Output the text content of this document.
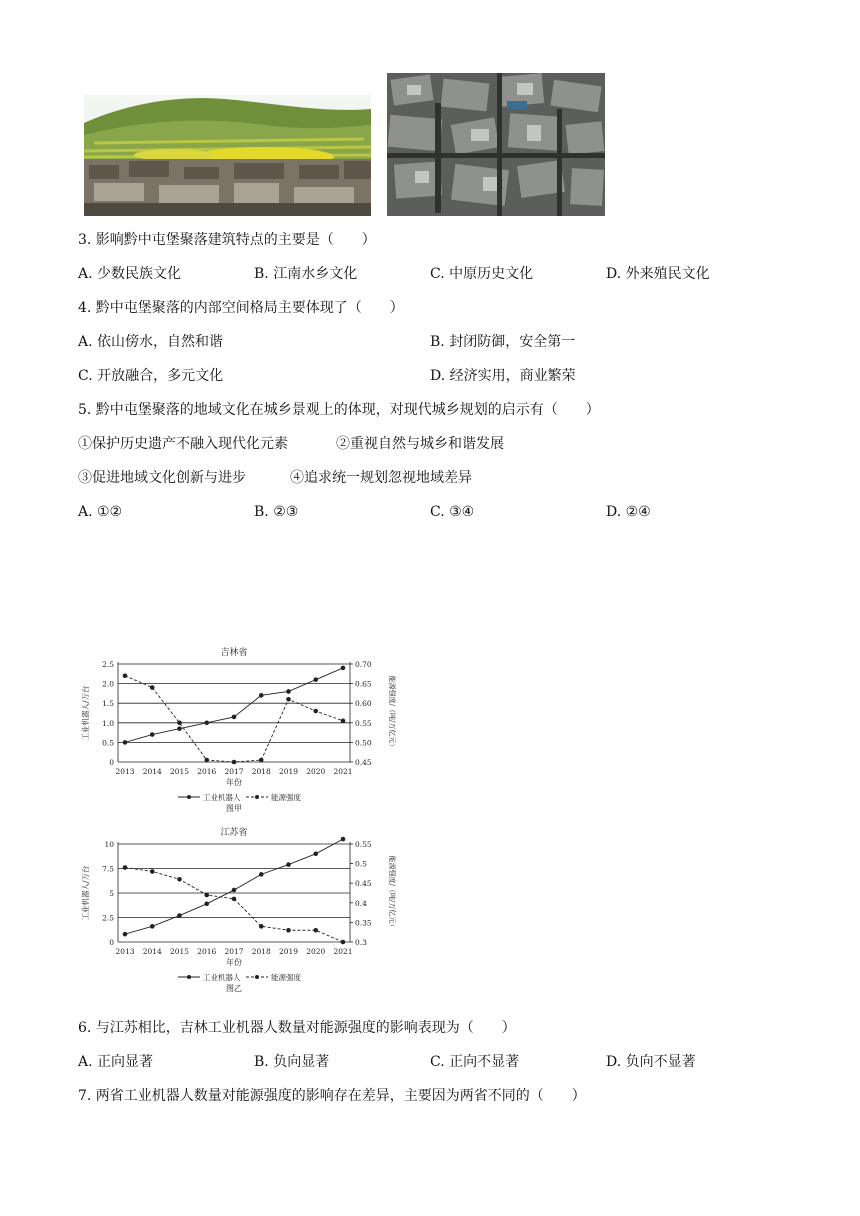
3. 影响黔中屯堡聚落建筑特点的主要是（　　）
A. 少数民族文化	B. 江南水乡文化	C. 中原历史文化	D. 外来殖民文化
4. 黔中屯堡聚落的内部空间格局主要体现了（　　）
A. 依山傍水，自然和谐	B. 封闭防御，安全第一
C. 开放融合，多元文化	D. 经济实用，商业繁荣
5. 黔中屯堡聚落的地域文化在城乡景观上的体现，对现代城乡规划的启示有（　　）
①保护历史遗产不融入现代化元素	②重视自然与城乡和谐发展
③促进地域文化创新与进步	④追求统一规划忽视地域差异
A. ①②	B. ②③	C. ③④	D. ②④
吉林省
0
0.5
1.0
1.5
2.0
2.5
0.45
0.50
0.55
0.60
0.65
0.70
2013 2014 2015 2016 2017 2018 2019 2020 2021
年份
工业机器人/万台	能源强度/（吨/万亿元）
工业机器人	能源强度
图甲
江苏省
0
2.5
5
7.5
10
0.3
0.35
0.4
0.45
0.5
0.55
2013 2014 2015 2016 2017 2018 2019 2020 2021
年份
工业机器人/万台	能源强度/（吨/万亿元）
工业机器人	能源强度
图乙
6. 与江苏相比，吉林工业机器人数量对能源强度的影响表现为（　　）
A. 正向显著	B. 负向显著	C. 正向不显著	D. 负向不显著
7. 两省工业机器人数量对能源强度的影响存在差异，主要因为两省不同的（　　）
